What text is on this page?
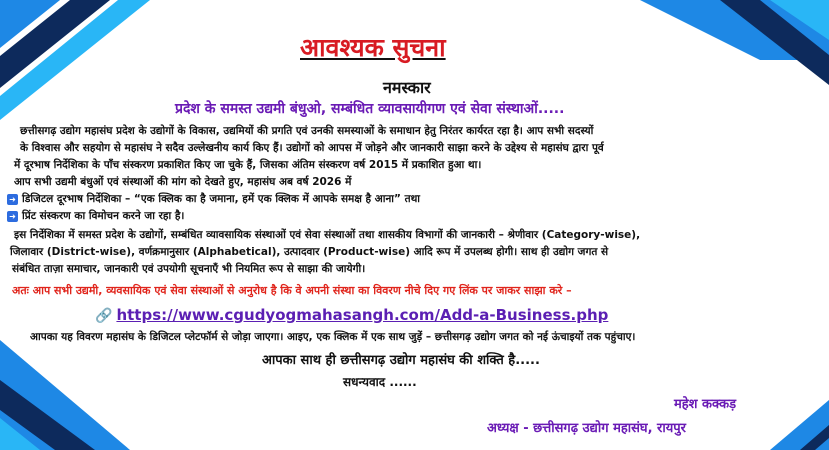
आवश्यक सुचना
नमस्कार
प्रदेश के समस्त उद्यमी बंधुओ, सम्बंधित व्यावसायीगण एवं सेवा संस्थाओं.....
छत्तीसगढ़ उद्योग महासंघ प्रदेश के उद्योगों के विकास, उद्यमियों की प्रगति एवं उनकी समस्याओं के समाधान हेतु निरंतर कार्यरत रहा है। आप सभी सदस्यों
के विश्वास और सहयोग से महासंघ ने सदैव उल्लेखनीय कार्य किए हैं। उद्योगों को आपस में जोड़ने और जानकारी साझा करने के उद्देश्य से महासंघ द्वारा पूर्व
में दूरभाष निर्देशिका के पाँच संस्करण प्रकाशित किए जा चुके हैं, जिसका अंतिम संस्करण वर्ष 2015 में प्रकाशित हुआ था।
आप सभी उद्यमी बंधुओं एवं संस्थाओं की मांग को देखते हुए, महासंघ अब वर्ष 2026 में
➜ डिजिटल दूरभाष निर्देशिका – “एक क्लिक का है जमाना, हमें एक क्लिक में आपके समक्ष है आना” तथा
➜ प्रिंट संस्करण का विमोचन करने जा रहा है।
इस निर्देशिका में समस्त प्रदेश के उद्योगों, सम्बंधित व्यावसायिक संस्थाओं एवं सेवा संस्थाओं तथा शासकीय विभागों की जानकारी – श्रेणीवार (Category-wise),
जिलावार (District-wise), वर्णक्रमानुसार (Alphabetical), उत्पादवार (Product-wise) आदि रूप में उपलब्ध होगी। साथ ही उद्योग जगत से
संबंधित ताज़ा समाचार, जानकारी एवं उपयोगी सूचनाएँ भी नियमित रूप से साझा की जायेगी।
अतः आप सभी उद्यमी, व्यवसायिक एवं सेवा संस्थाओं से अनुरोध है कि वे अपनी संस्था का विवरण नीचे दिए गए लिंक पर जाकर साझा करे –
🔗 https://www.cgudyogmahasangh.com/Add-a-Business.php
आपका यह विवरण महासंघ के डिजिटल प्लेटफॉर्म से जोड़ा जाएगा। आइए, एक क्लिक में एक साथ जुड़ें – छत्तीसगढ़ उद्योग जगत को नई ऊंचाइयों तक पहुंचाए।
आपका साथ ही छत्तीसगढ़ उद्योग महासंघ की शक्ति है.....
सधन्यवाद ......
महेश कक्कड़
अध्यक्ष - छत्तीसगढ़ उद्योग महासंघ, रायपुर
